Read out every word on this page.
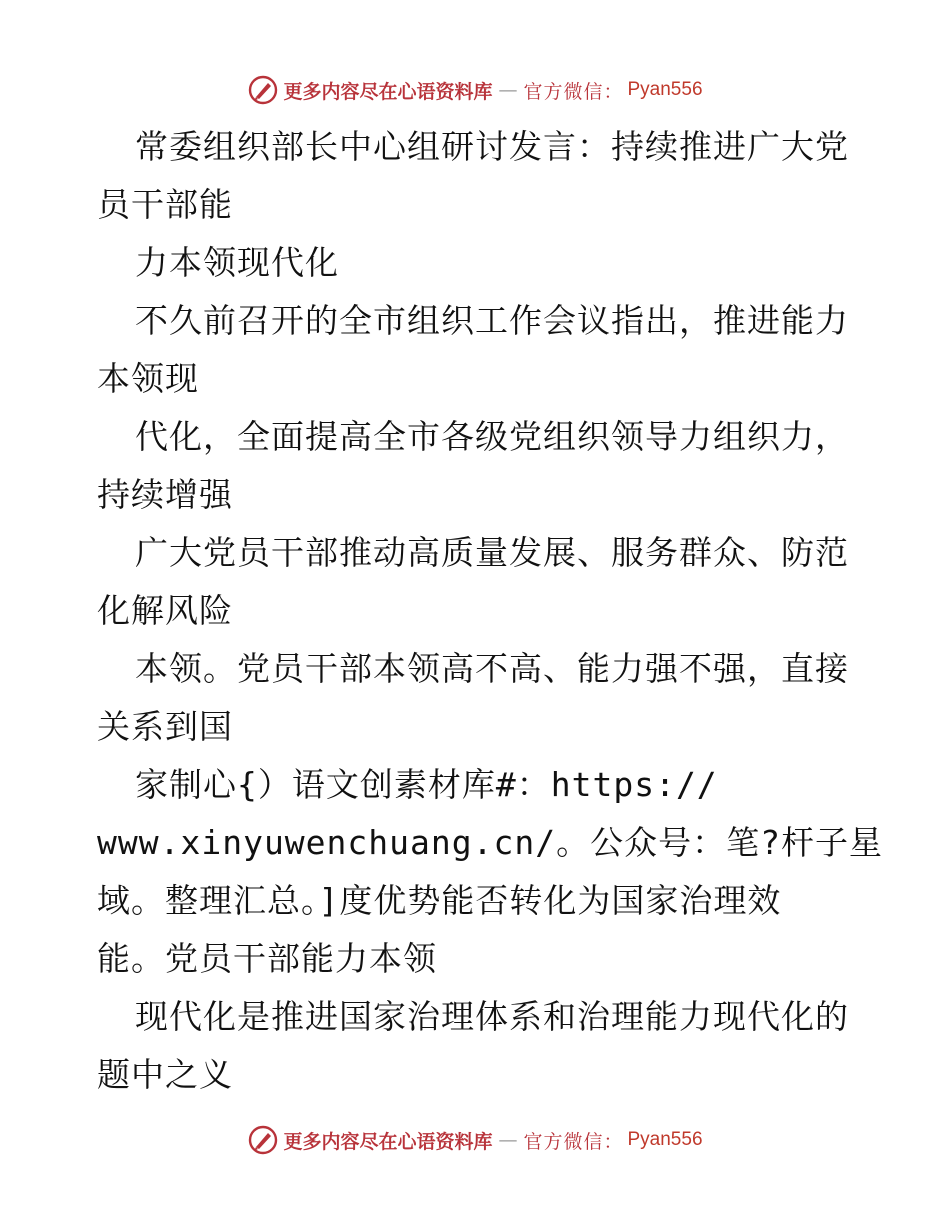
更多内容尽在心语资料库 — 官方微信： Pyan556
常委组织部长中心组研讨发言：持续推进广大党
员干部能
力本领现代化
不久前召开的全市组织工作会议指出，推进能力
本领现
代化，全面提高全市各级党组织领导力组织力，
持续增强
广大党员干部推动高质量发展、服务群众、防范
化解风险
本领。党员干部本领高不高、能力强不强，直接
关系到国
家制心{）语文创素材库#：https://
www.xinyuwenchuang.cn/。公众号：笔?杆子星
域。整理汇总。]度优势能否转化为国家治理效
能。党员干部能力本领
现代化是推进国家治理体系和治理能力现代化的
题中之义
更多内容尽在心语资料库 — 官方微信： Pyan556
